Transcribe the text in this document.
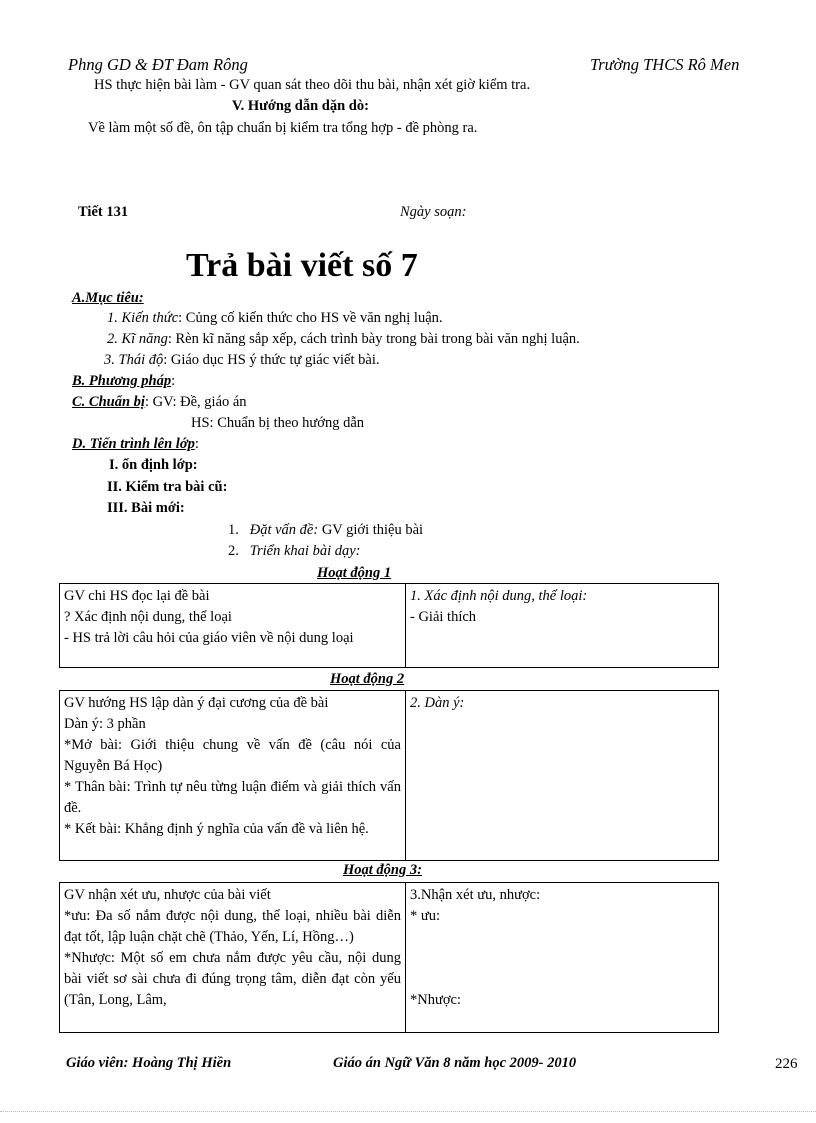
Phng GD & ĐT Đam Rông	Trường THCS Rô Men
HS thực hiện bài làm - GV quan sát theo dõi thu bài, nhận xét giờ kiểm tra.
V. Hướng dẫn dặn dò:
Về làm một số đề, ôn tập chuẩn bị kiểm tra tổng hợp - đề phòng ra.
Tiết 131	Ngày soạn:
Trả bài viết số 7
A.Mục tiêu:
1. Kiến thức: Củng cố kiến thức cho HS về văn nghị luận.
2. Kĩ năng: Rèn kĩ năng sắp xếp, cách trình bày trong bài trong bài văn nghị luận.
3. Thái độ: Giáo dục HS ý thức tự giác viết bài.
B. Phương pháp:
C. Chuẩn bị: GV: Đề, giáo án
HS: Chuẩn bị theo hướng dẫn
D. Tiến trình lên lớp:
I. ổn định lớp:
II. Kiểm tra bài cũ:
III. Bài mới:
1. Đặt vấn đề: GV giới thiệu bài
2. Triển khai bài dạy:
Hoạt động 1
GV chi HS đọc lại đề bài
? Xác định nội dung, thể loại
- HS trả lời câu hỏi của giáo viên về nội dung loại

1. Xác định nội dung, thể loại:
- Giải thích
Hoạt động 2
GV hướng HS lập dàn ý đại cương của đề bài
Dàn ý: 3 phần
*Mở bài: Giới thiệu chung về vấn đề (câu nói của Nguyễn Bá Học)
* Thân bài: Trình tự nêu từng luận điểm và giải thích vấn đề.
* Kết bài: Khẳng định ý nghĩa của vấn đề và liên hệ.

2. Dàn ý:
Hoạt động 3:
GV nhận xét ưu, nhược của bài viết
*ưu: Đa số nắm được nội dung, thể loại, nhiều bài diễn đạt tốt, lập luận chặt chẽ (Thảo, Yến, Lí, Hồng…)
*Nhược: Một số em chưa nắm được yêu cầu, nội dung bài viết sơ sài chưa đi đúng trọng tâm, diễn đạt còn yếu (Tân, Long, Lâm,

3.Nhận xét ưu, nhược:
* ưu:
*Nhược:
Giáo viên: Hoàng Thị Hiền	Giáo án Ngữ Văn 8 năm học 2009- 2010	226
